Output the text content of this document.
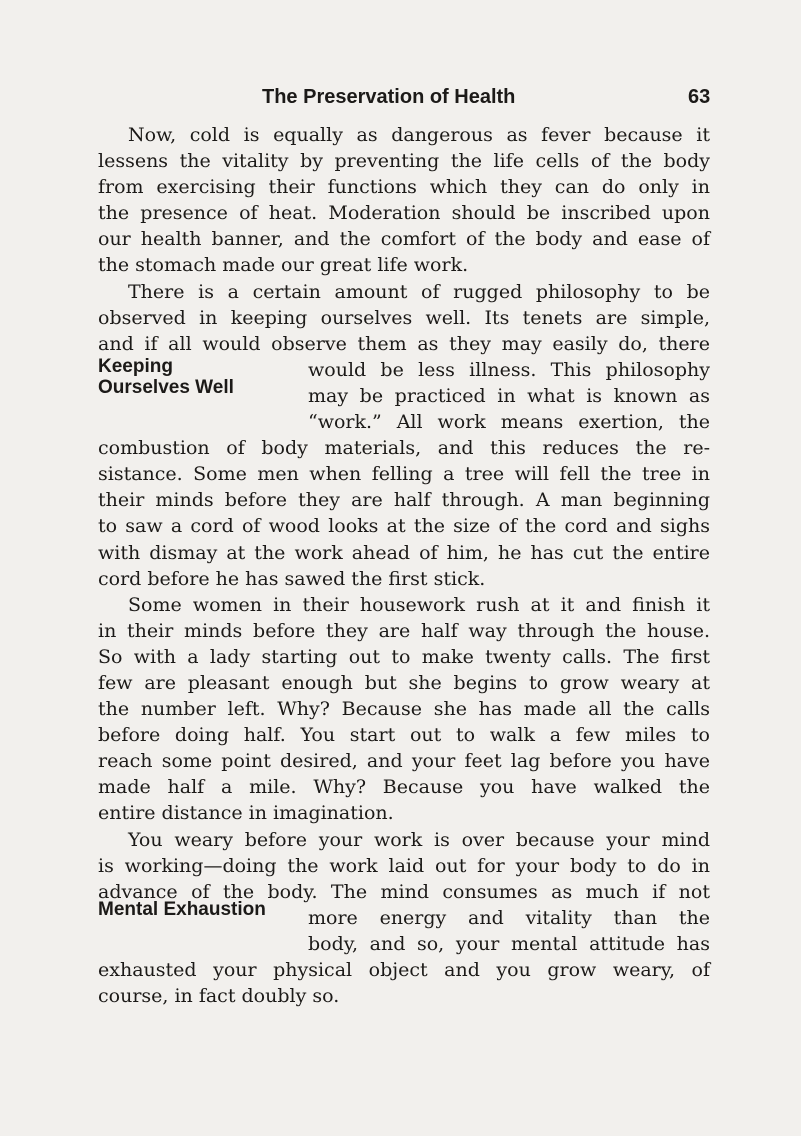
The Preservation of Health	63
Keeping
Ourselves Well
Mental Exhaustion
Now, cold is equally as dangerous as fever because it
lessens the vitality by preventing the life cells of the body
from exercising their functions which they can do only in
the presence of heat. Moderation should be inscribed upon
our health banner, and the comfort of the body and ease of
the stomach made our great life work.
There is a certain amount of rugged philosophy to be
observed in keeping ourselves well. Its tenets are simple,
and if all would observe them as they may easily do, there
would be less illness. This philosophy
may be practiced in what is known as
“work.” All work means exertion, the
combustion of body materials, and this reduces the re-
sistance. Some men when felling a tree will fell the tree in
their minds before they are half through. A man beginning
to saw a cord of wood looks at the size of the cord and sighs
with dismay at the work ahead of him, he has cut the entire
cord before he has sawed the first stick.
Some women in their housework rush at it and finish it
in their minds before they are half way through the house.
So with a lady starting out to make twenty calls. The first
few are pleasant enough but she begins to grow weary at
the number left. Why? Because she has made all the calls
before doing half. You start out to walk a few miles to
reach some point desired, and your feet lag before you have
made half a mile. Why? Because you have walked the
entire distance in imagination.
You weary before your work is over because your mind
is working—doing the work laid out for your body to do in
advance of the body. The mind consumes as much if not
more energy and vitality than the
body, and so, your mental attitude has
exhausted your physical object and you grow weary, of
course, in fact doubly so.
